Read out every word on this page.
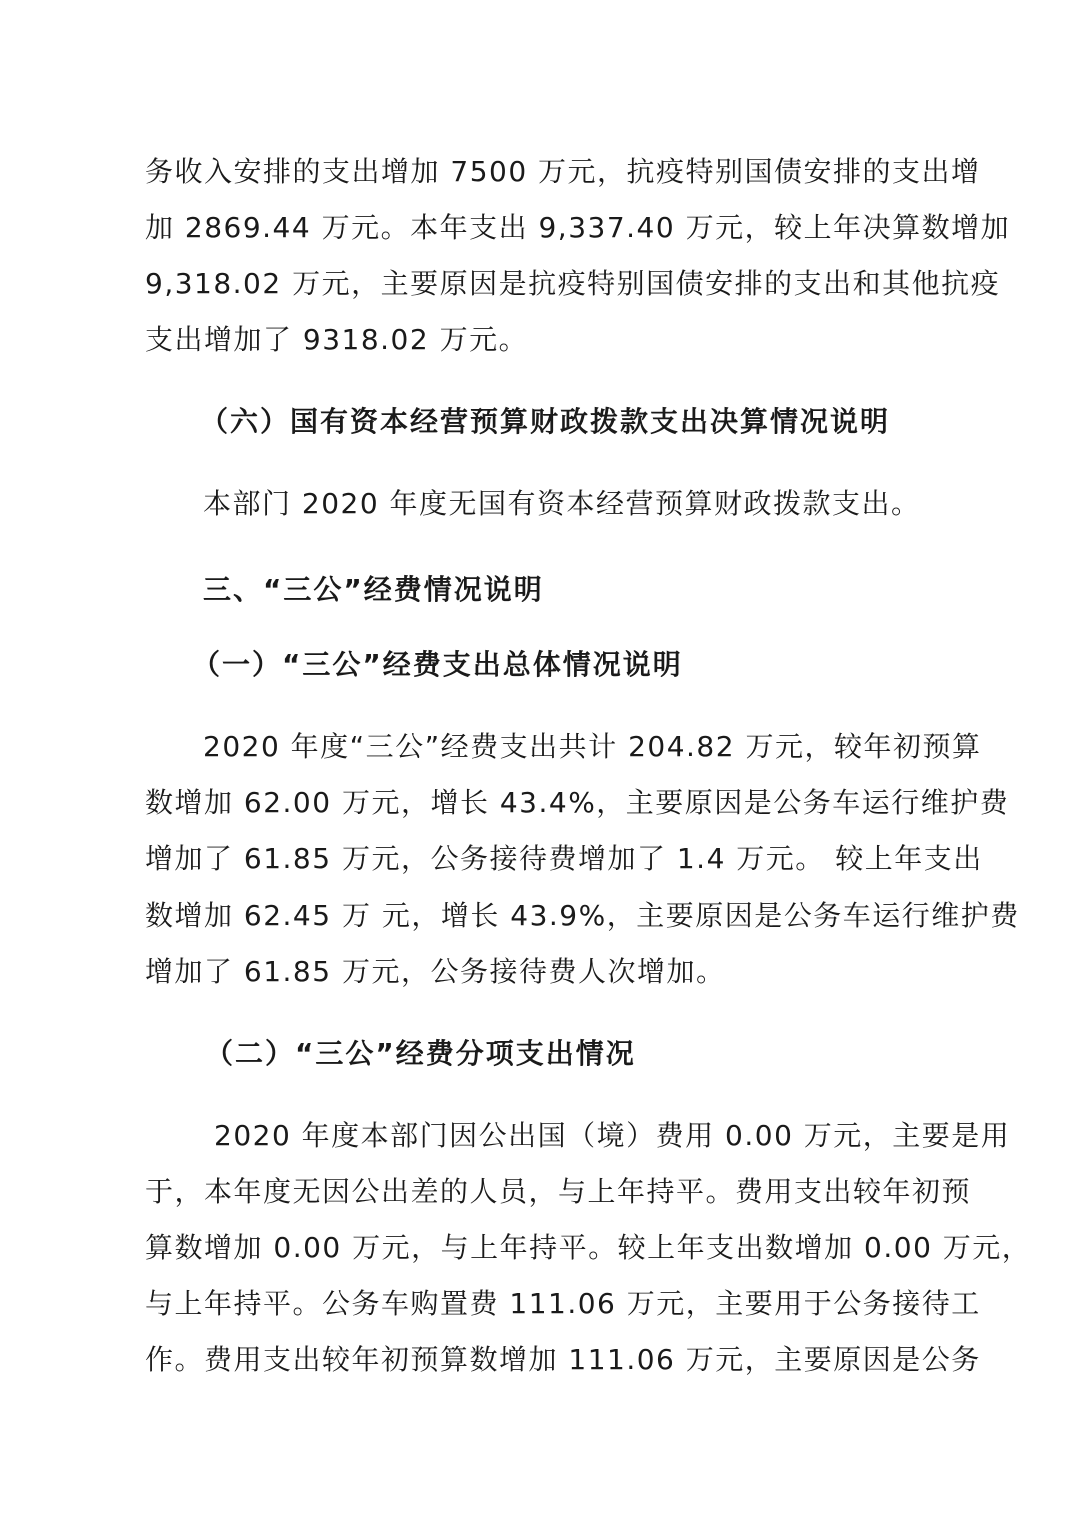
务收入安排的支出增加 7500 万元，抗疫特别国债安排的支出增
加 2869.44 万元。本年支出 9,337.40 万元，较上年决算数增加
9,318.02 万元，主要原因是抗疫特别国债安排的支出和其他抗疫
支出增加了 9318.02 万元。
（六）国有资本经营预算财政拨款支出决算情况说明
本部门 2020 年度无国有资本经营预算财政拨款支出。
三、“三公”经费情况说明
（一）“三公”经费支出总体情况说明
2020 年度“三公”经费支出共计 204.82 万元，较年初预算
数增加 62.00 万元，增长 43.4%，主要原因是公务车运行维护费
增加了 61.85 万元，公务接待费增加了 1.4 万元。 较上年支出
数增加 62.45 万 元，增长 43.9%，主要原因是公务车运行维护费
增加了 61.85 万元，公务接待费人次增加。
（二）“三公”经费分项支出情况
2020 年度本部门因公出国（境）费用 0.00 万元，主要是用
于，本年度无因公出差的人员，与上年持平。费用支出较年初预
算数增加 0.00 万元，与上年持平。较上年支出数增加 0.00 万元，
与上年持平。公务车购置费 111.06 万元，主要用于公务接待工
作。费用支出较年初预算数增加 111.06 万元，主要原因是公务
